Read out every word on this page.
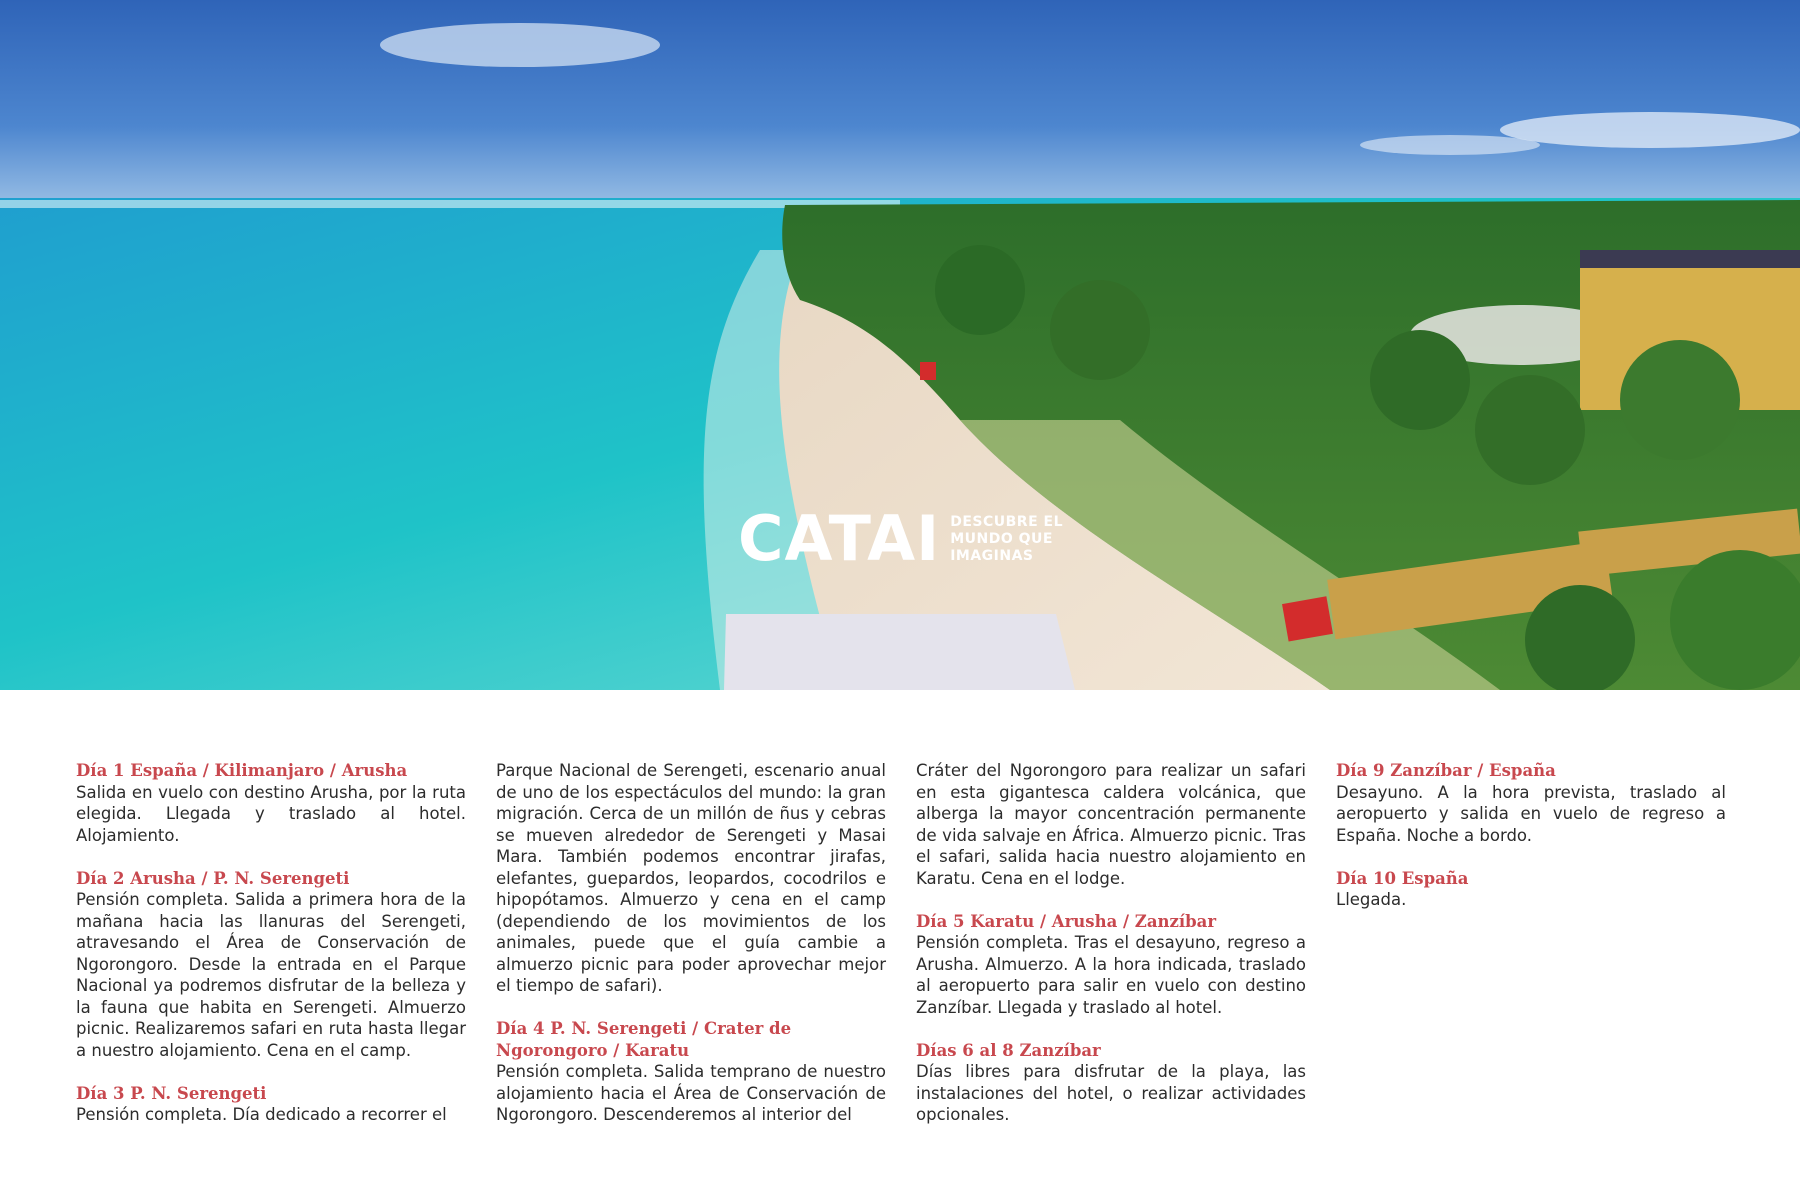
CATAI DESCUBRE EL
MUNDO QUE
IMAGINAS

Día 1 España / Kilimanjaro / Arusha
Salida en vuelo con destino Arusha, por la ruta elegida. Llegada y traslado al hotel. Alojamiento.

Día 2 Arusha / P. N. Serengeti
Pensión completa. Salida a primera hora de la mañana hacia las llanuras del Serengeti, atravesando el Área de Conservación de Ngorongoro. Desde la entrada en el Parque Nacional ya podremos disfrutar de la belleza y la fauna que habita en Serengeti. Almuerzo picnic. Realizaremos safari en ruta hasta llegar a nuestro alojamiento. Cena en el camp.

Día 3 P. N. Serengeti
Pensión completa. Día dedicado a recorrer el

Parque Nacional de Serengeti, escenario anual de uno de los espectáculos del mundo: la gran migración. Cerca de un millón de ñus y cebras se mueven alrededor de Serengeti y Masai Mara. También podemos encontrar jirafas, elefantes, guepardos, leopardos, cocodrilos e hipopótamos. Almuerzo y cena en el camp (dependiendo de los movimientos de los animales, puede que el guía cambie a almuerzo picnic para poder aprovechar mejor el tiempo de safari).

Día 4 P. N. Serengeti / Crater de Ngorongoro / Karatu
Pensión completa. Salida temprano de nuestro alojamiento hacia el Área de Conservación de Ngorongoro. Descenderemos al interior del

Cráter del Ngorongoro para realizar un safari en esta gigantesca caldera volcánica, que alberga la mayor concentración permanente de vida salvaje en África. Almuerzo picnic. Tras el safari, salida hacia nuestro alojamiento en Karatu. Cena en el lodge.

Día 5 Karatu / Arusha / Zanzíbar
Pensión completa. Tras el desayuno, regreso a Arusha. Almuerzo. A la hora indicada, traslado al aeropuerto para salir en vuelo con destino Zanzíbar. Llegada y traslado al hotel.

Días 6 al 8 Zanzíbar
Días libres para disfrutar de la playa, las instalaciones del hotel, o realizar actividades opcionales.

Día 9 Zanzíbar / España
Desayuno. A la hora prevista, traslado al aeropuerto y salida en vuelo de regreso a España. Noche a bordo.

Día 10 España
Llegada.
